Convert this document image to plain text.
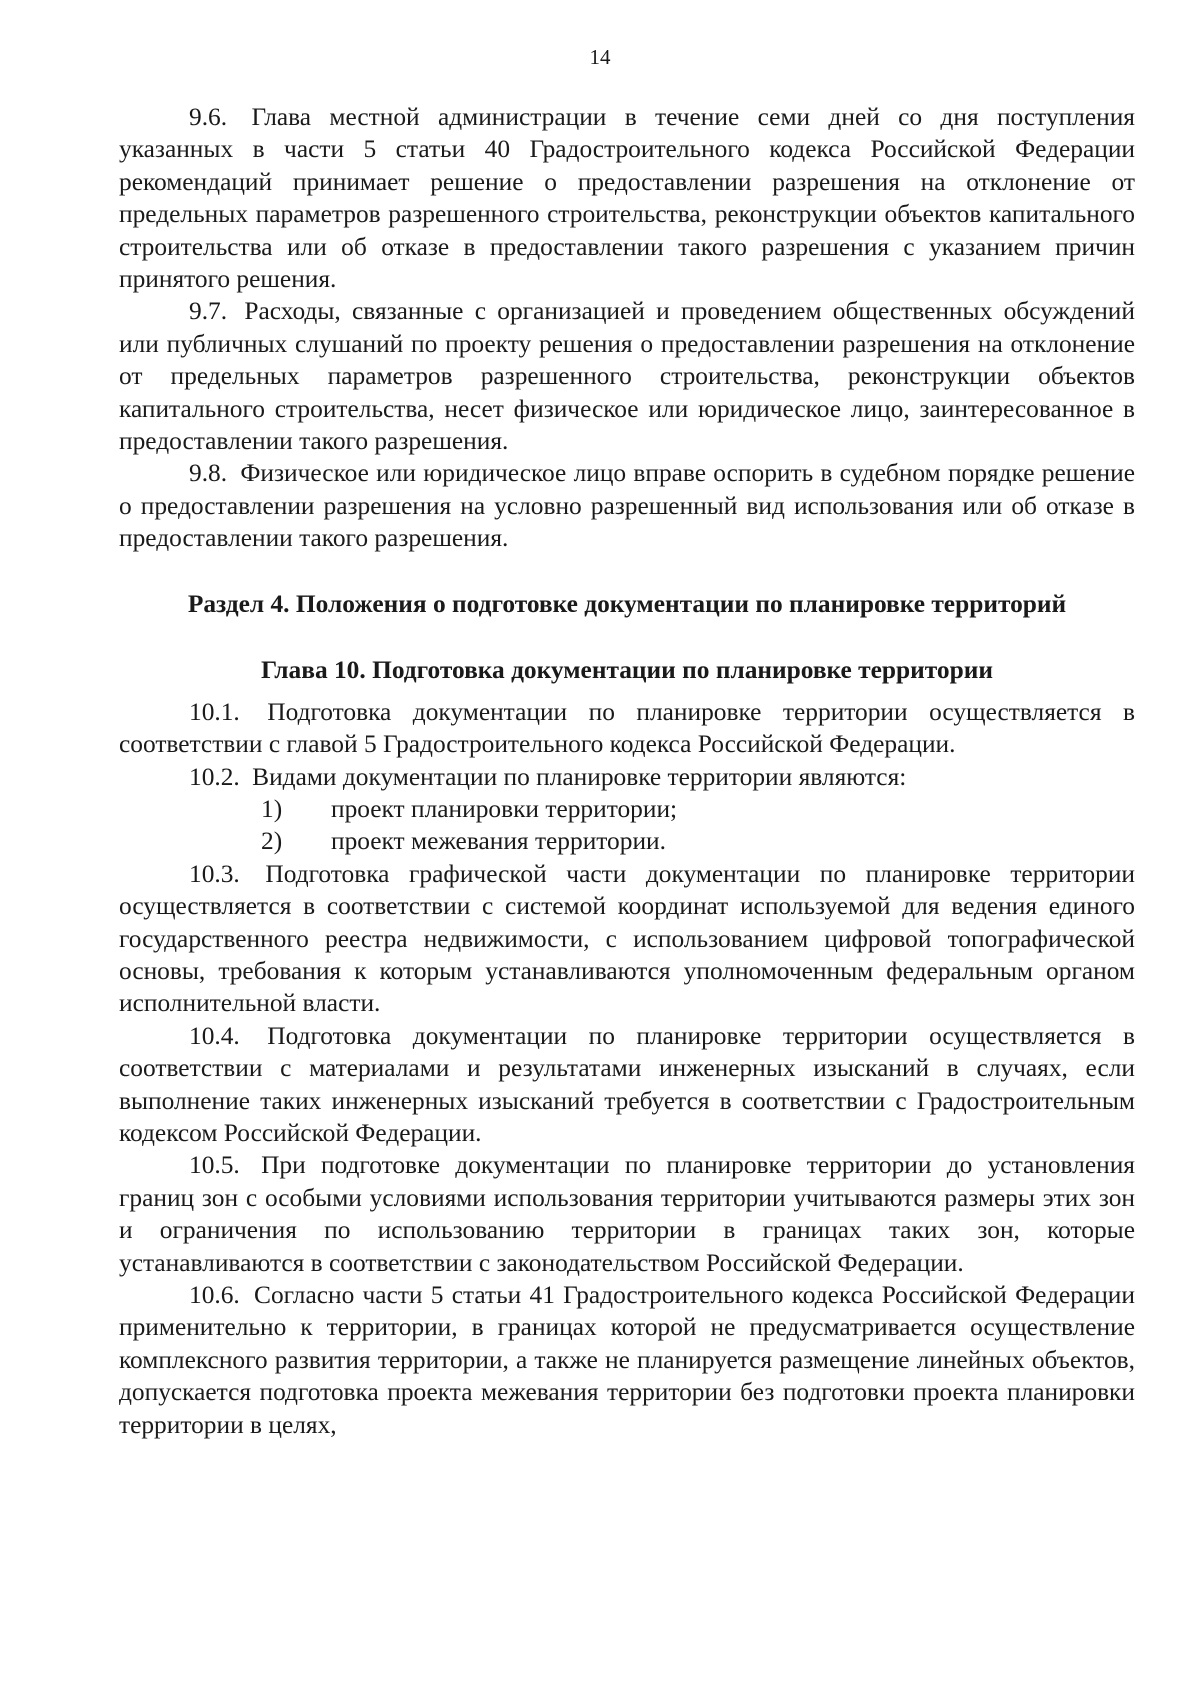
14

9.6. Глава местной администрации в течение семи дней со дня поступления указанных в части 5 статьи 40 Градостроительного кодекса Российской Федерации рекомендаций принимает решение о предоставлении разрешения на отклонение от предельных параметров разрешенного строительства, реконструкции объектов капитального строительства или об отказе в предоставлении такого разрешения с указанием причин принятого решения.

9.7. Расходы, связанные с организацией и проведением общественных обсуждений или публичных слушаний по проекту решения о предоставлении разрешения на отклонение от предельных параметров разрешенного строительства, реконструкции объектов капитального строительства, несет физическое или юридическое лицо, заинтересованное в предоставлении такого разрешения.

9.8. Физическое или юридическое лицо вправе оспорить в судебном порядке решение о предоставлении разрешения на условно разрешенный вид использования или об отказе в предоставлении такого разрешения.

Раздел 4. Положения о подготовке документации по планировке территорий
Глава 10. Подготовка документации по планировке территории

10.1. Подготовка документации по планировке территории осуществляется в соответствии с главой 5 Градостроительного кодекса Российской Федерации.

10.2. Видами документации по планировке территории являются:

1) проект планировки территории;

2) проект межевания территории.

10.3. Подготовка графической части документации по планировке территории осуществляется в соответствии с системой координат используемой для ведения единого государственного реестра недвижимости, с использованием цифровой топографической основы, требования к которым устанавливаются уполномоченным федеральным органом исполнительной власти.

10.4. Подготовка документации по планировке территории осуществляется в соответствии с материалами и результатами инженерных изысканий в случаях, если выполнение таких инженерных изысканий требуется в соответствии с Градостроительным кодексом Российской Федерации.

10.5. При подготовке документации по планировке территории до установления границ зон с особыми условиями использования территории учитываются размеры этих зон и ограничения по использованию территории в границах таких зон, которые устанавливаются в соответствии с законодательством Российской Федерации.

10.6. Согласно части 5 статьи 41 Градостроительного кодекса Российской Федерации применительно к территории, в границах которой не предусматривается осуществление комплексного развития территории, а также не планируется размещение линейных объектов, допускается подготовка проекта межевания территории без подготовки проекта планировки территории в целях,
